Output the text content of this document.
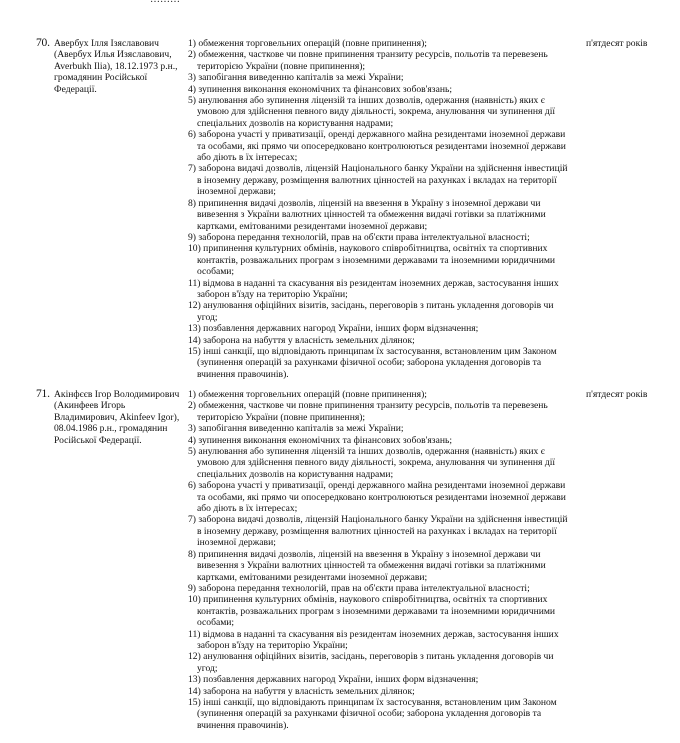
70. Авербух Ілля Ізяславович
(Авербух Илья Изяславович,
Averbukh Ilia), 18.12.1973 р.н.,
громадянин Російської
Федерації.
1) обмеження торговельних операцій (повне припинення);
2) обмеження, часткове чи повне припинення транзиту ресурсів, польотів та перевезень
територією України (повне припинення);
3) запобігання виведенню капіталів за межі України;
4) зупинення виконання економічних та фінансових зобов'язань;
5) анулювання або зупинення ліцензій та інших дозволів, одержання (наявність) яких є
умовою для здійснення певного виду діяльності, зокрема, анулювання чи зупинення дії
спеціальних дозволів на користування надрами;
6) заборона участі у приватизації, оренді державного майна резидентами іноземної держави
та особами, які прямо чи опосередковано контролюються резидентами іноземної держави
або діють в їх інтересах;
7) заборона видачі дозволів, ліцензій Національного банку України на здійснення інвестицій
в іноземну державу, розміщення валютних цінностей на рахунках і вкладах на території
іноземної держави;
8) припинення видачі дозволів, ліцензій на ввезення в Україну з іноземної держави чи
вивезення з України валютних цінностей та обмеження видачі готівки за платіжними
картками, емітованими резидентами іноземної держави;
9) заборона передання технологій, прав на об'єкти права інтелектуальної власності;
10) припинення культурних обмінів, наукового співробітництва, освітніх та спортивних
контактів, розважальних програм з іноземними державами та іноземними юридичними
особами;
11) відмова в наданні та скасування віз резидентам іноземних держав, застосування інших
заборон в'їзду на територію України;
12) анулювання офіційних візитів, засідань, переговорів з питань укладення договорів чи
угод;
13) позбавлення державних нагород України, інших форм відзначення;
14) заборона на набуття у власність земельних ділянок;
15) інші санкції, що відповідають принципам їх застосування, встановленим цим Законом
(зупинення операцій за рахунками фізичної особи; заборона укладення договорів та
вчинення правочинів).
п'ятдесят років
71. Акінфєєв Ігор Володимирович
(Акинфеев Игорь
Владимирович, Akinfeev Igor),
08.04.1986 р.н., громадянин
Російської Федерації.
1) обмеження торговельних операцій (повне припинення);
2) обмеження, часткове чи повне припинення транзиту ресурсів, польотів та перевезень
територією України (повне припинення);
3) запобігання виведенню капіталів за межі України;
4) зупинення виконання економічних та фінансових зобов'язань;
5) анулювання або зупинення ліцензій та інших дозволів, одержання (наявність) яких є
умовою для здійснення певного виду діяльності, зокрема, анулювання чи зупинення дії
спеціальних дозволів на користування надрами;
6) заборона участі у приватизації, оренді державного майна резидентами іноземної держави
та особами, які прямо чи опосередковано контролюються резидентами іноземної держави
або діють в їх інтересах;
7) заборона видачі дозволів, ліцензій Національного банку України на здійснення інвестицій
в іноземну державу, розміщення валютних цінностей на рахунках і вкладах на території
іноземної держави;
8) припинення видачі дозволів, ліцензій на ввезення в Україну з іноземної держави чи
вивезення з України валютних цінностей та обмеження видачі готівки за платіжними
картками, емітованими резидентами іноземної держави;
9) заборона передання технологій, прав на об'єкти права інтелектуальної власності;
10) припинення культурних обмінів, наукового співробітництва, освітніх та спортивних
контактів, розважальних програм з іноземними державами та іноземними юридичними
особами;
11) відмова в наданні та скасування віз резидентам іноземних держав, застосування інших
заборон в'їзду на територію України;
12) анулювання офіційних візитів, засідань, переговорів з питань укладення договорів чи
угод;
13) позбавлення державних нагород України, інших форм відзначення;
14) заборона на набуття у власність земельних ділянок;
15) інші санкції, що відповідають принципам їх застосування, встановленим цим Законом
(зупинення операцій за рахунками фізичної особи; заборона укладення договорів та
вчинення правочинів).
п'ятдесят років
